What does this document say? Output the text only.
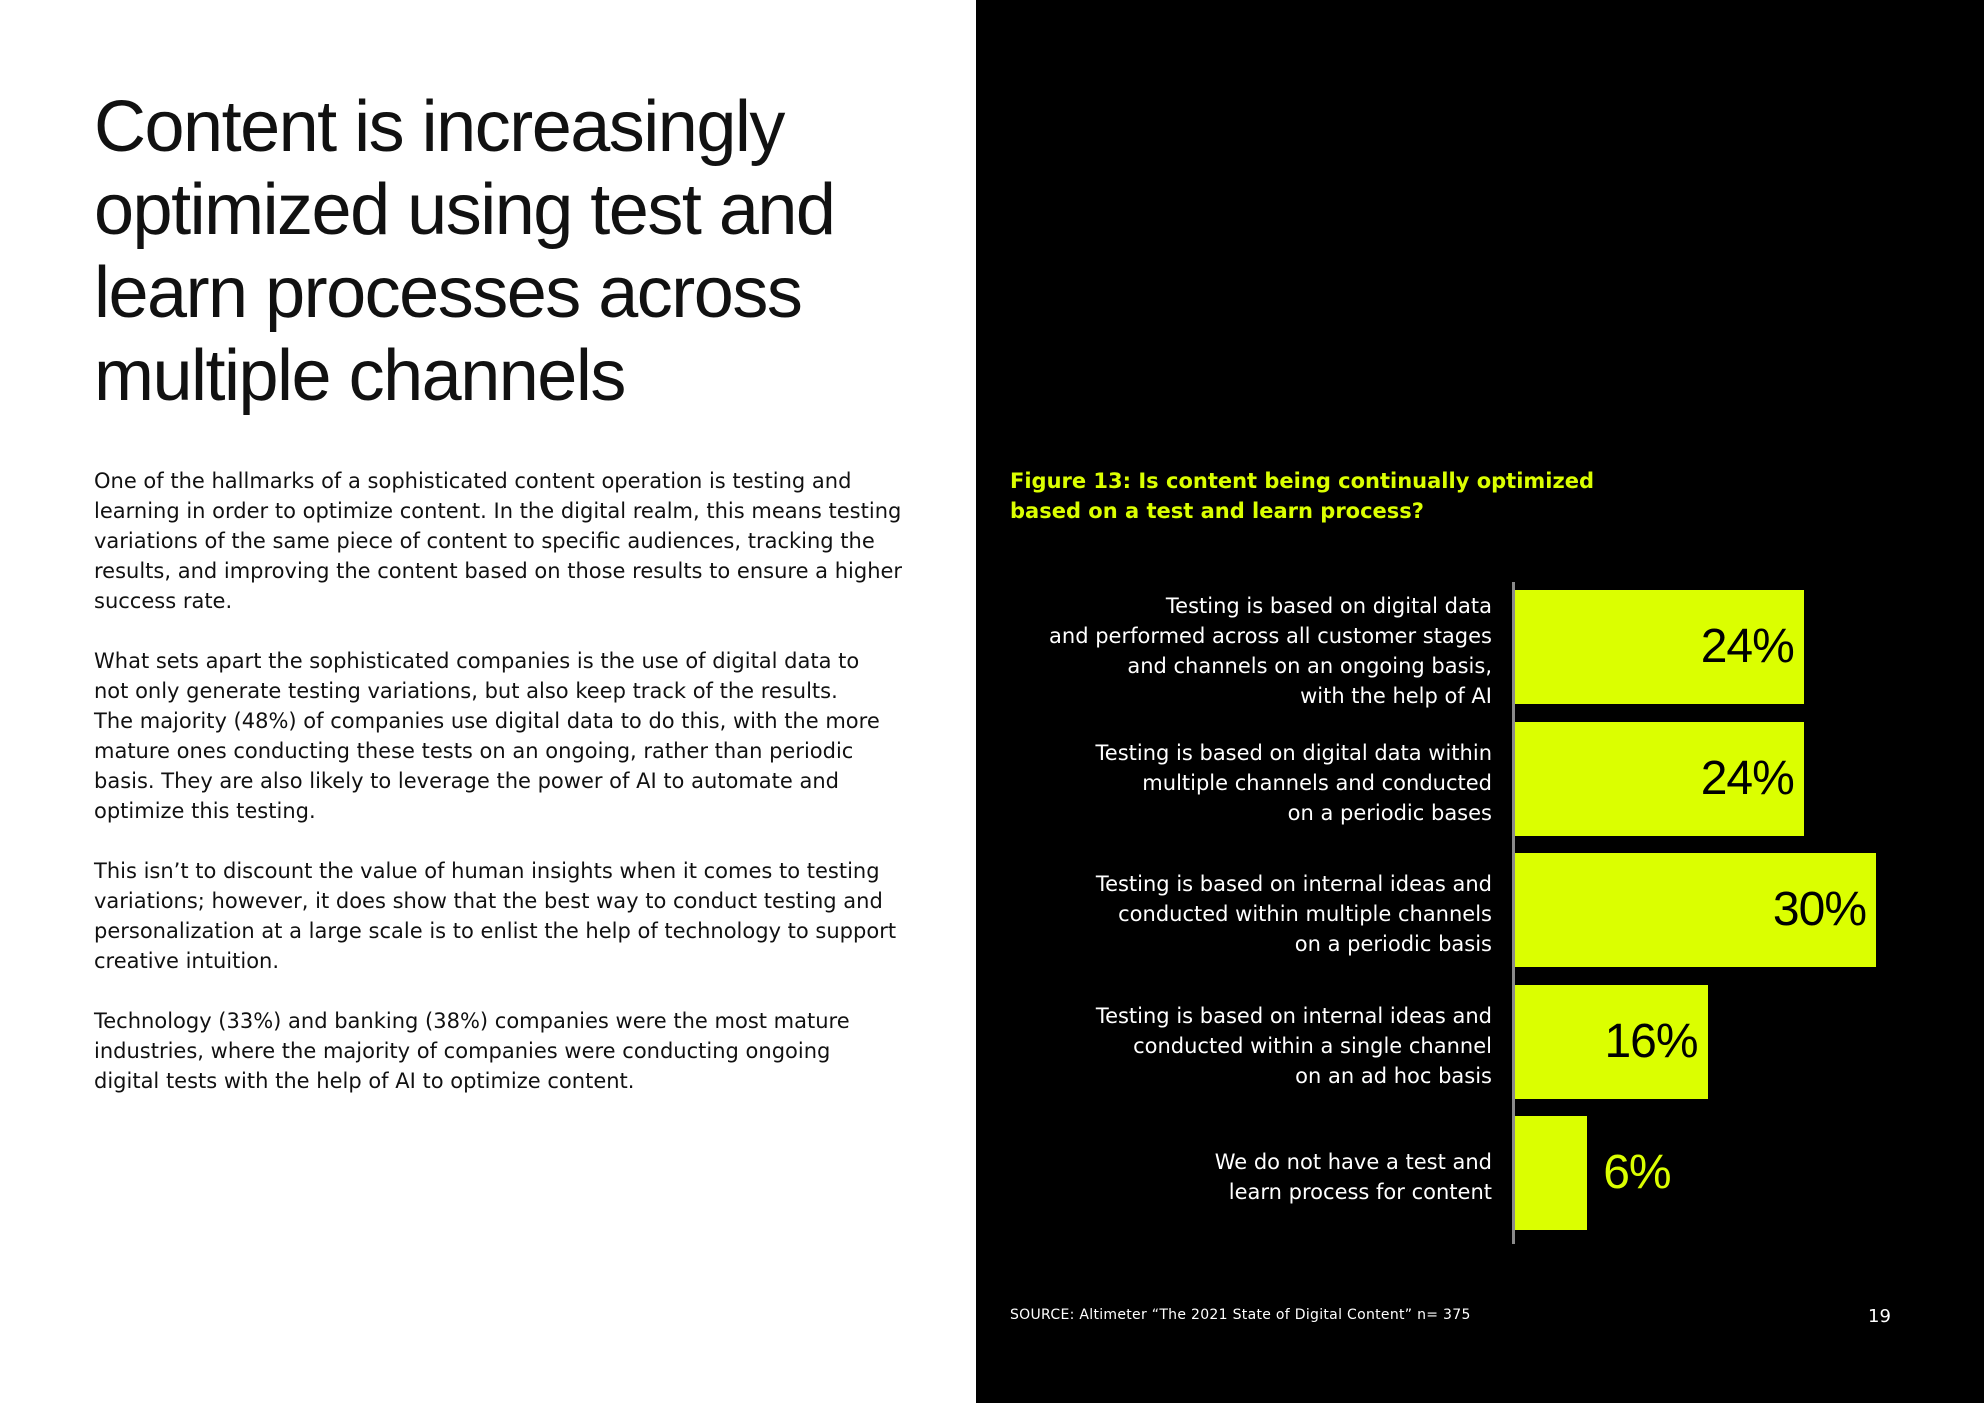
Content is increasingly
optimized using test and
learn processes across
multiple channels

One of the hallmarks of a sophisticated content operation is testing and
learning in order to optimize content. In the digital realm, this means testing
variations of the same piece of content to specific audiences, tracking the
results, and improving the content based on those results to ensure a higher
success rate.

What sets apart the sophisticated companies is the use of digital data to
not only generate testing variations, but also keep track of the results.
The majority (48%) of companies use digital data to do this, with the more
mature ones conducting these tests on an ongoing, rather than periodic
basis. They are also likely to leverage the power of AI to automate and
optimize this testing.

This isn’t to discount the value of human insights when it comes to testing
variations; however, it does show that the best way to conduct testing and
personalization at a large scale is to enlist the help of technology to support
creative intuition.

Technology (33%) and banking (38%) companies were the most mature
industries, where the majority of companies were conducting ongoing
digital tests with the help of AI to optimize content.

Figure 13: Is content being continually optimized
based on a test and learn process?
24%
Testing is based on digital data
and performed across all customer stages
and channels on an ongoing basis,
with the help of AI
24%
Testing is based on digital data within
multiple channels and conducted
on a periodic bases
30%
Testing is based on internal ideas and
conducted within multiple channels
on a periodic basis
16%
Testing is based on internal ideas and
conducted within a single channel
on an ad hoc basis
6%
We do not have a test and
learn process for content
SOURCE: Altimeter “The 2021 State of Digital Content” n= 375	19
